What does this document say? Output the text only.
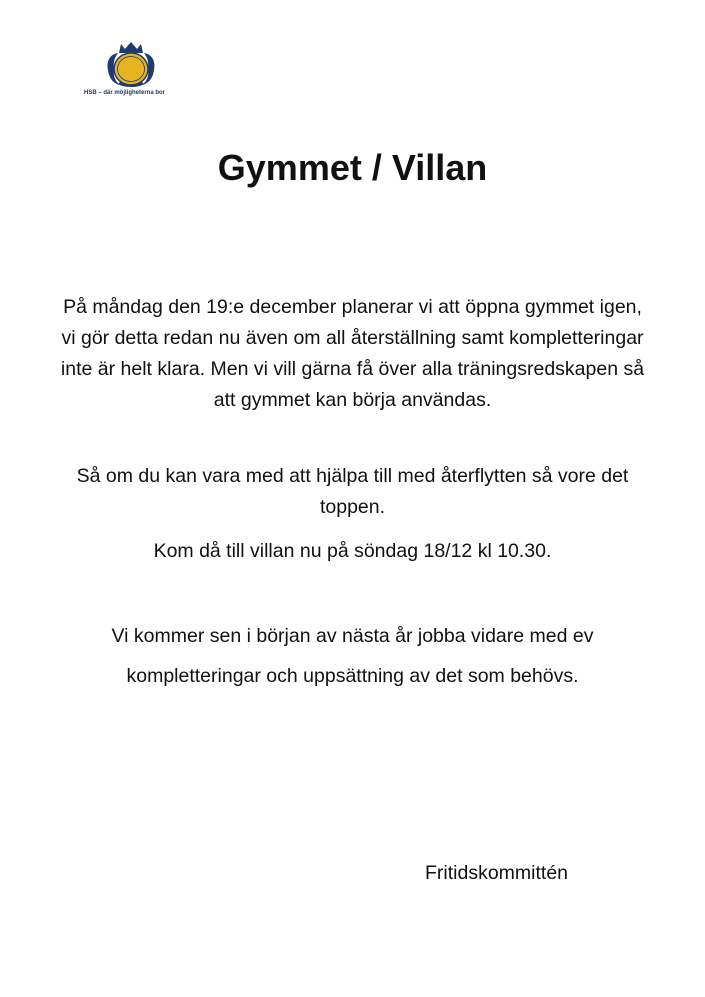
HSB – där möjligheterna bor
Gymmet / Villan

På måndag den 19:e december planerar vi att öppna gymmet igen, vi gör detta redan nu även om all återställning samt kompletteringar inte är helt klara. Men vi vill gärna få över alla träningsredskapen så att gymmet kan börja användas.

Så om du kan vara med att hjälpa till med återflytten så vore det toppen.

Kom då till villan nu på söndag 18/12 kl 10.30.

Vi kommer sen i början av nästa år jobba vidare med ev kompletteringar och uppsättning av det som behövs.

Fritidskommittén
